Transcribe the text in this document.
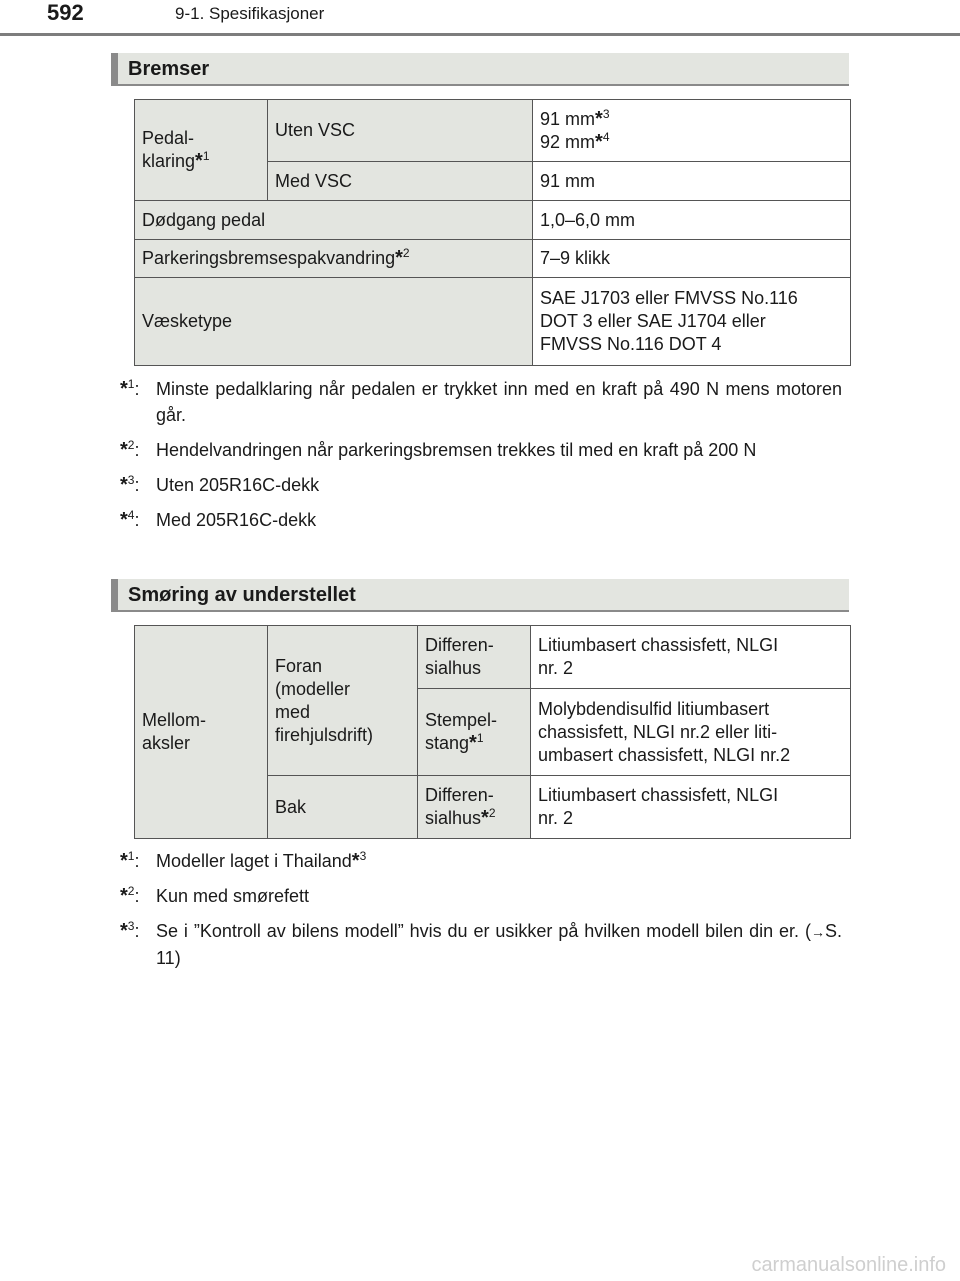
592	9-1. Spesifikasjoner
Bremser
Pedal-
klaring*$^1$	Uten VSC	91 mm*$^3$
92 mm*$^4$
	Med VSC	91 mm
Dødgang pedal		1,0–6,0 mm
Parkeringsbremsespakvandring*$^2$		7–9 klikk
Væsketype		SAE J1703 eller FMVSS No.116
DOT 3 eller SAE J1704 eller
FMVSS No.116 DOT 4
*$^1$: Minste pedalklaring når pedalen er trykket inn med en kraft på 490 N mens motoren går.
*$^2$: Hendelvandringen når parkeringsbremsen trekkes til med en kraft på 200 N
*$^3$: Uten 205R16C-dekk
*$^4$: Med 205R16C-dekk
Smøring av understellet
Mellom-
aksler	Foran
(modeller
med
firehjulsdrift)	Differen-
sialhus	Litiumbasert chassisfett, NLGI
nr. 2
		Stempel-
stang*$^1$	Molybdendisulfid litiumbasert
chassisfett, NLGI nr.2 eller liti-
umbasert chassisfett, NLGI nr.2
	Bak	Differen-
sialhus*$^2$	Litiumbasert chassisfett, NLGI
nr. 2
*$^1$: Modeller laget i Thailand*$^3$
*$^2$: Kun med smørefett
*$^3$: Se i ”Kontroll av bilens modell” hvis du er usikker på hvilken modell bilen din er. (→S. 11)
carmanualsonline.info
